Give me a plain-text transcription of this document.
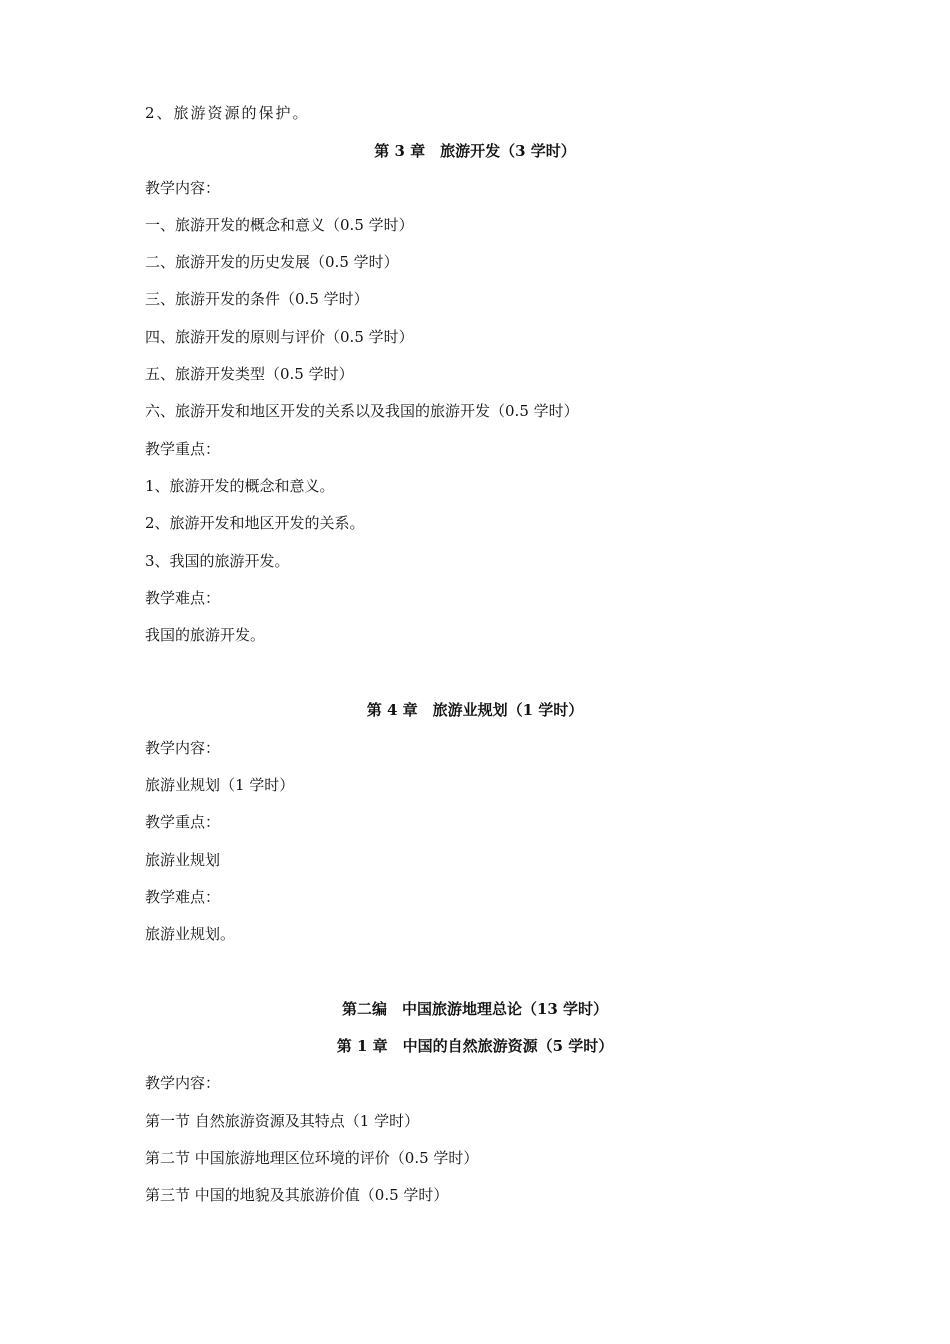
2、旅游资源的保护。
第 3 章　旅游开发（3 学时）
教学内容：
一、旅游开发的概念和意义（0.5 学时）
二、旅游开发的历史发展（0.5 学时）
三、旅游开发的条件（0.5 学时）
四、旅游开发的原则与评价（0.5 学时）
五、旅游开发类型（0.5 学时）
六、旅游开发和地区开发的关系以及我国的旅游开发（0.5 学时）
教学重点：
1、旅游开发的概念和意义。
2、旅游开发和地区开发的关系。
3、我国的旅游开发。
教学难点：
我国的旅游开发。
第 4 章　旅游业规划（1 学时）
教学内容：
旅游业规划（1 学时）
教学重点：
旅游业规划
教学难点：
旅游业规划。
第二编　中国旅游地理总论（13 学时）
第 1 章　中国的自然旅游资源（5 学时）
教学内容：
第一节 自然旅游资源及其特点（1 学时）
第二节 中国旅游地理区位环境的评价（0.5 学时）
第三节 中国的地貌及其旅游价值（0.5 学时）
